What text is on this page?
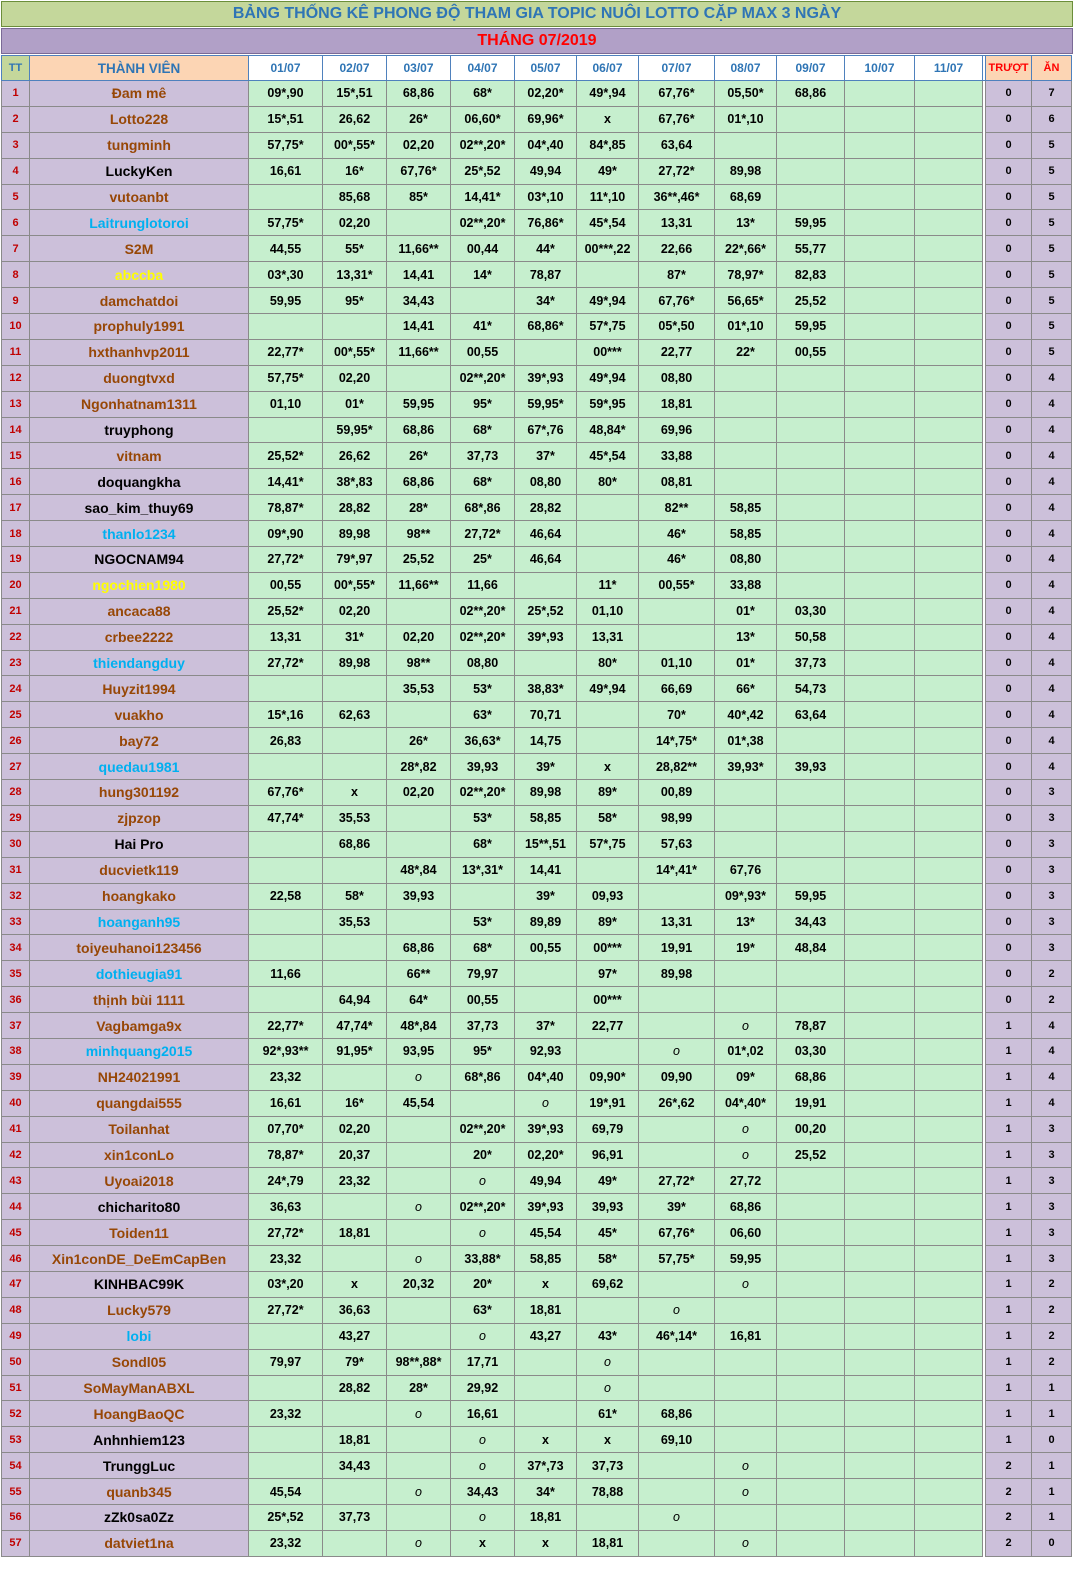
BẢNG THỐNG KÊ PHONG ĐỘ THAM GIA TOPIC NUÔI LOTTO CẶP MAX 3 NGÀY
THÁNG 07/2019
TT	THÀNH VIÊN	01/07	02/07	03/07	04/07	05/07	06/07	07/07	08/07	09/07	10/07	11/07		TRƯỢT	ĂN
1	Đam mê	09*,90	15*,51	68,86	68*	02,20*	49*,94	67,76*	05,50*	68,86				0	7
2	Lotto228	15*,51	26,62	26*	06,60*	69,96*	x	67,76*	01*,10					0	6
3	tungminh	57,75*	00*,55*	02,20	02**,20*	04*,40	84*,85	63,64						0	5
4	LuckyKen	16,61	16*	67,76*	25*,52	49,94	49*	27,72*	89,98					0	5
5	vutoanbt		85,68	85*	14,41*	03*,10	11*,10	36**,46*	68,69					0	5
6	Laitrunglotoroi	57,75*	02,20		02**,20*	76,86*	45*,54	13,31	13*	59,95				0	5
7	S2M	44,55	55*	11,66**	00,44	44*	00***,22	22,66	22*,66*	55,77				0	5
8	abccba	03*,30	13,31*	14,41	14*	78,87		87*	78,97*	82,83				0	5
9	damchatdoi	59,95	95*	34,43		34*	49*,94	67,76*	56,65*	25,52				0	5
10	prophuly1991			14,41	41*	68,86*	57*,75	05*,50	01*,10	59,95				0	5
11	hxthanhvp2011	22,77*	00*,55*	11,66**	00,55		00***	22,77	22*	00,55				0	5
12	duongtvxd	57,75*	02,20		02**,20*	39*,93	49*,94	08,80						0	4
13	Ngonhatnam1311	01,10	01*	59,95	95*	59,95*	59*,95	18,81						0	4
14	truyphong		59,95*	68,86	68*	67*,76	48,84*	69,96						0	4
15	vitnam	25,52*	26,62	26*	37,73	37*	45*,54	33,88						0	4
16	doquangkha	14,41*	38*,83	68,86	68*	08,80	80*	08,81						0	4
17	sao_kim_thuy69	78,87*	28,82	28*	68*,86	28,82		82**	58,85					0	4
18	thanlo1234	09*,90	89,98	98**	27,72*	46,64		46*	58,85					0	4
19	NGOCNAM94	27,72*	79*,97	25,52	25*	46,64		46*	08,80					0	4
20	ngochien1980	00,55	00*,55*	11,66**	11,66		11*	00,55*	33,88					0	4
21	ancaca88	25,52*	02,20		02**,20*	25*,52	01,10		01*	03,30				0	4
22	crbee2222	13,31	31*	02,20	02**,20*	39*,93	13,31		13*	50,58				0	4
23	thiendangduy	27,72*	89,98	98**	08,80		80*	01,10	01*	37,73				0	4
24	Huyzit1994			35,53	53*	38,83*	49*,94	66,69	66*	54,73				0	4
25	vuakho	15*,16	62,63		63*	70,71		70*	40*,42	63,64				0	4
26	bay72	26,83		26*	36,63*	14,75		14*,75*	01*,38					0	4
27	quedau1981			28*,82	39,93	39*	x	28,82**	39,93*	39,93				0	4
28	hung301192	67,76*	x	02,20	02**,20*	89,98	89*	00,89						0	3
29	zjpzop	47,74*	35,53		53*	58,85	58*	98,99						0	3
30	Hai Pro		68,86		68*	15**,51	57*,75	57,63						0	3
31	ducvietk119			48*,84	13*,31*	14,41		14*,41*	67,76					0	3
32	hoangkako	22,58	58*	39,93		39*	09,93		09*,93*	59,95				0	3
33	hoanganh95		35,53		53*	89,89	89*	13,31	13*	34,43				0	3
34	toiyeuhanoi123456			68,86	68*	00,55	00***	19,91	19*	48,84				0	3
35	dothieugia91	11,66		66**	79,97		97*	89,98						0	2
36	thịnh bùi 1111		64,94	64*	00,55		00***							0	2
37	Vagbamga9x	22,77*	47,74*	48*,84	37,73	37*	22,77		o	78,87				1	4
38	minhquang2015	92*,93**	91,95*	93,95	95*	92,93		o	01*,02	03,30				1	4
39	NH24021991	23,32		o	68*,86	04*,40	09,90*	09,90	09*	68,86				1	4
40	quangdai555	16,61	16*	45,54		o	19*,91	26*,62	04*,40*	19,91				1	4
41	Toilanhat	07,70*	02,20		02**,20*	39*,93	69,79		o	00,20				1	3
42	xin1conLo	78,87*	20,37		20*	02,20*	96,91		o	25,52				1	3
43	Uyoai2018	24*,79	23,32		o	49,94	49*	27,72*	27,72					1	3
44	chicharito80	36,63		o	02**,20*	39*,93	39,93	39*	68,86					1	3
45	Toiden11	27,72*	18,81		o	45,54	45*	67,76*	06,60					1	3
46	Xin1conDE_DeEmCapBen	23,32		o	33,88*	58,85	58*	57,75*	59,95					1	3
47	KINHBAC99K	03*,20	x	20,32	20*	x	69,62		o					1	2
48	Lucky579	27,72*	36,63		63*	18,81		o						1	2
49	lobi		43,27		o	43,27	43*	46*,14*	16,81					1	2
50	Sondl05	79,97	79*	98**,88*	17,71		o							1	2
51	SoMayManABXL		28,82	28*	29,92		o							1	1
52	HoangBaoQC	23,32		o	16,61		61*	68,86						1	1
53	Anhnhiem123		18,81		o	x	x	69,10						1	0
54	TrunggLuc		34,43		o	37*,73	37,73		o					2	1
55	quanb345	45,54		o	34,43	34*	78,88		o					2	1
56	zZk0sa0Zz	25*,52	37,73		o	18,81		o						2	1
57	datviet1na	23,32		o	x	x	18,81		o					2	0
